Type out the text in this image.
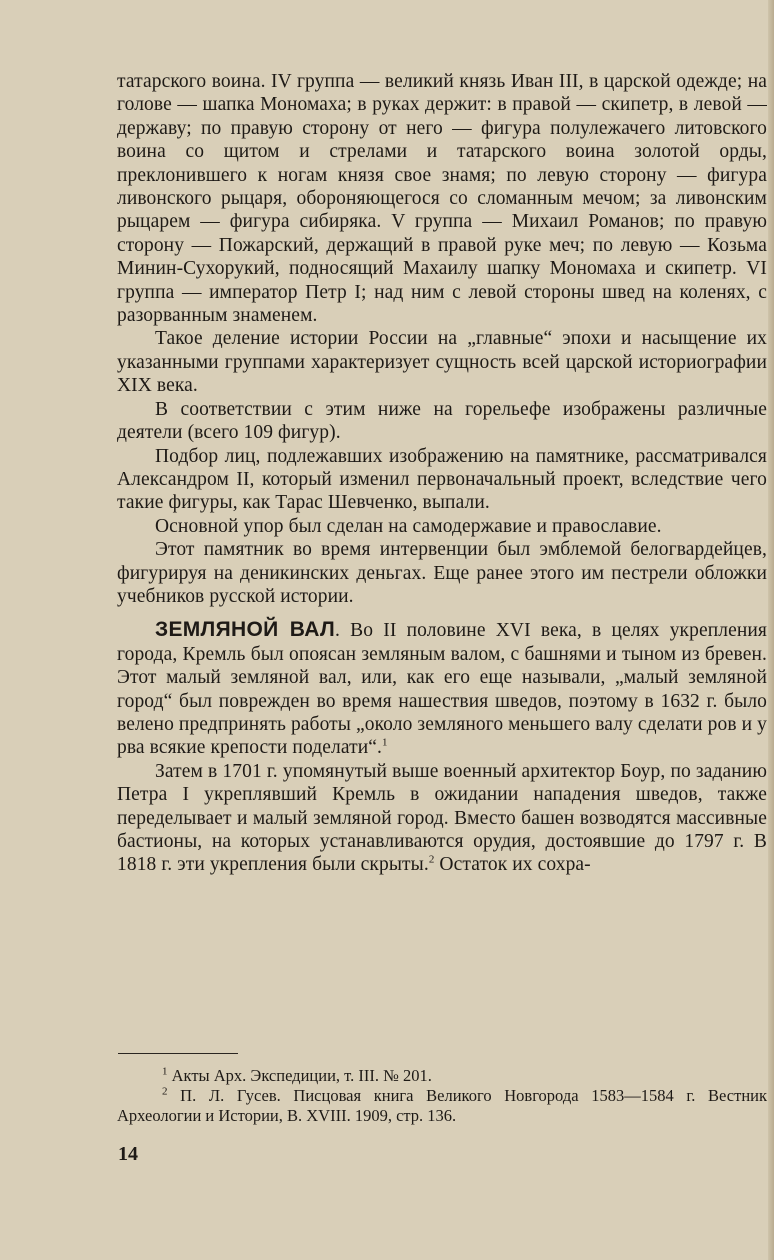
татарского воина. IV группа — великий князь Иван III, в царской одежде; на голове — шапка Мономаха; в руках держит: в правой — скипетр, в левой — державу; по правую сторону от него — фигура полулежачего литовского воина со щитом и стрелами и татарского воина золотой орды, преклонившего к ногам князя свое знамя; по левую сторону — фигура ливонского рыцаря, обороняющегося со сломанным мечом; за ливонским рыцарем — фигура сибиряка. V группа — Михаил Романов; по правую сторону — Пожарский, держащий в правой руке меч; по левую — Козьма Минин-Сухорукий, подносящий Махаилу шапку Мономаха и скипетр. VI группа — император Петр I; над ним с левой стороны швед на коленях, с разорванным знаменем.

Такое деление истории России на „главные“ эпохи и насыщение их указанными группами характеризует сущность всей царской историографии XIX века.

В соответствии с этим ниже на горельефе изображены различные деятели (всего 109 фигур).

Подбор лиц, подлежавших изображению на памятнике, рассматривался Александром II, который изменил первоначальный проект, вследствие чего такие фигуры, как Тарас Шевченко, выпали.

Основной упор был сделан на самодержавие и православие.

Этот памятник во время интервенции был эмблемой белогвардейцев, фигурируя на деникинских деньгах. Еще ранее этого им пестрели обложки учебников русской истории.

ЗЕМЛЯНОЙ ВАЛ. Во II половине XVI века, в целях укрепления города, Кремль был опоясан земляным валом, с башнями и тыном из бревен. Этот малый земляной вал, или, как его еще называли, „малый земляной город“ был поврежден во время нашествия шведов, поэтому в 1632 г. было велено предпринять работы „около земляного меньшего валу сделати ров и у рва всякие крепости поделати“.$^1$

Затем в 1701 г. упомянутый выше военный архитектор Боур, по заданию Петра I укреплявший Кремль в ожидании нападения шведов, также переделывает и малый земляной город. Вместо башен возводятся массивные бастионы, на которых устанавливаются орудия, достоявшие до 1797 г. В 1818 г. эти укрепления были скрыты.$^2$ Остаток их сохра-

$^1$ Акты Арх. Экспедиции, т. III. № 201.

$^2$ П. Л. Гусев. Писцовая книга Великого Новгорода 1583—1584 г. Вестник Археологии и Истории, В. XVIII. 1909, стр. 136.

14
